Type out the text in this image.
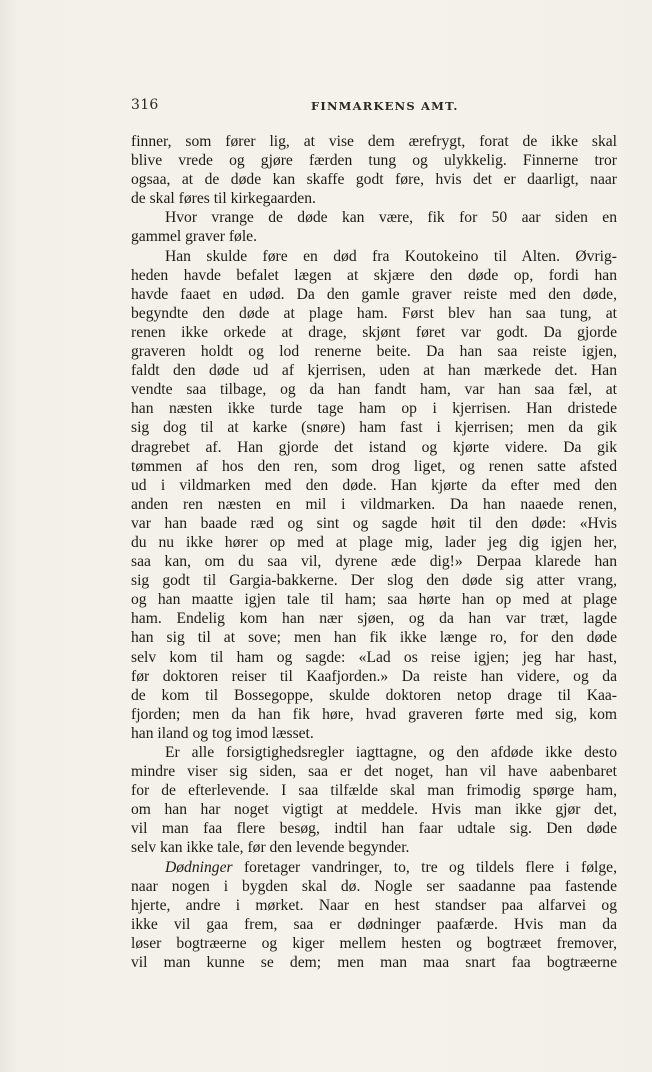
316	FINMARKENS AMT.
finner, som fører lig, at vise dem ærefrygt, forat de ikke skal
blive vrede og gjøre færden tung og ulykkelig. Finnerne tror
ogsaa, at de døde kan skaffe godt føre, hvis det er daarligt, naar
de skal føres til kirkegaarden.
Hvor vrange de døde kan være, fik for 50 aar siden en
gammel graver føle.
Han skulde føre en død fra Koutokeino til Alten. Øvrig-
heden havde befalet lægen at skjære den døde op, fordi han
havde faaet en udød. Da den gamle graver reiste med den døde,
begyndte den døde at plage ham. Først blev han saa tung, at
renen ikke orkede at drage, skjønt føret var godt. Da gjorde
graveren holdt og lod renerne beite. Da han saa reiste igjen,
faldt den døde ud af kjerrisen, uden at han mærkede det. Han
vendte saa tilbage, og da han fandt ham, var han saa fæl, at
han næsten ikke turde tage ham op i kjerrisen. Han dristede
sig dog til at karke (snøre) ham fast i kjerrisen; men da gik
dragrebet af. Han gjorde det istand og kjørte videre. Da gik
tømmen af hos den ren, som drog liget, og renen satte afsted
ud i vildmarken med den døde. Han kjørte da efter med den
anden ren næsten en mil i vildmarken. Da han naaede renen,
var han baade ræd og sint og sagde høit til den døde: «Hvis
du nu ikke hører op med at plage mig, lader jeg dig igjen her,
saa kan, om du saa vil, dyrene æde dig!» Derpaa klarede han
sig godt til Gargia-bakkerne. Der slog den døde sig atter vrang,
og han maatte igjen tale til ham; saa hørte han op med at plage
ham. Endelig kom han nær sjøen, og da han var træt, lagde
han sig til at sove; men han fik ikke længe ro, for den døde
selv kom til ham og sagde: «Lad os reise igjen; jeg har hast,
før doktoren reiser til Kaafjorden.» Da reiste han videre, og da
de kom til Bossegoppe, skulde doktoren netop drage til Kaa-
fjorden; men da han fik høre, hvad graveren førte med sig, kom
han iland og tog imod læsset.
Er alle forsigtighedsregler iagttagne, og den afdøde ikke desto
mindre viser sig siden, saa er det noget, han vil have aabenbaret
for de efterlevende. I saa tilfælde skal man frimodig spørge ham,
om han har noget vigtigt at meddele. Hvis man ikke gjør det,
vil man faa flere besøg, indtil han faar udtale sig. Den døde
selv kan ikke tale, før den levende begynder.
Dødninger foretager vandringer, to, tre og tildels flere i følge,
naar nogen i bygden skal dø. Nogle ser saadanne paa fastende
hjerte, andre i mørket. Naar en hest standser paa alfarvei og
ikke vil gaa frem, saa er dødninger paafærde. Hvis man da
løser bogtræerne og kiger mellem hesten og bogtræet fremover,
vil man kunne se dem; men man maa snart faa bogtræerne
